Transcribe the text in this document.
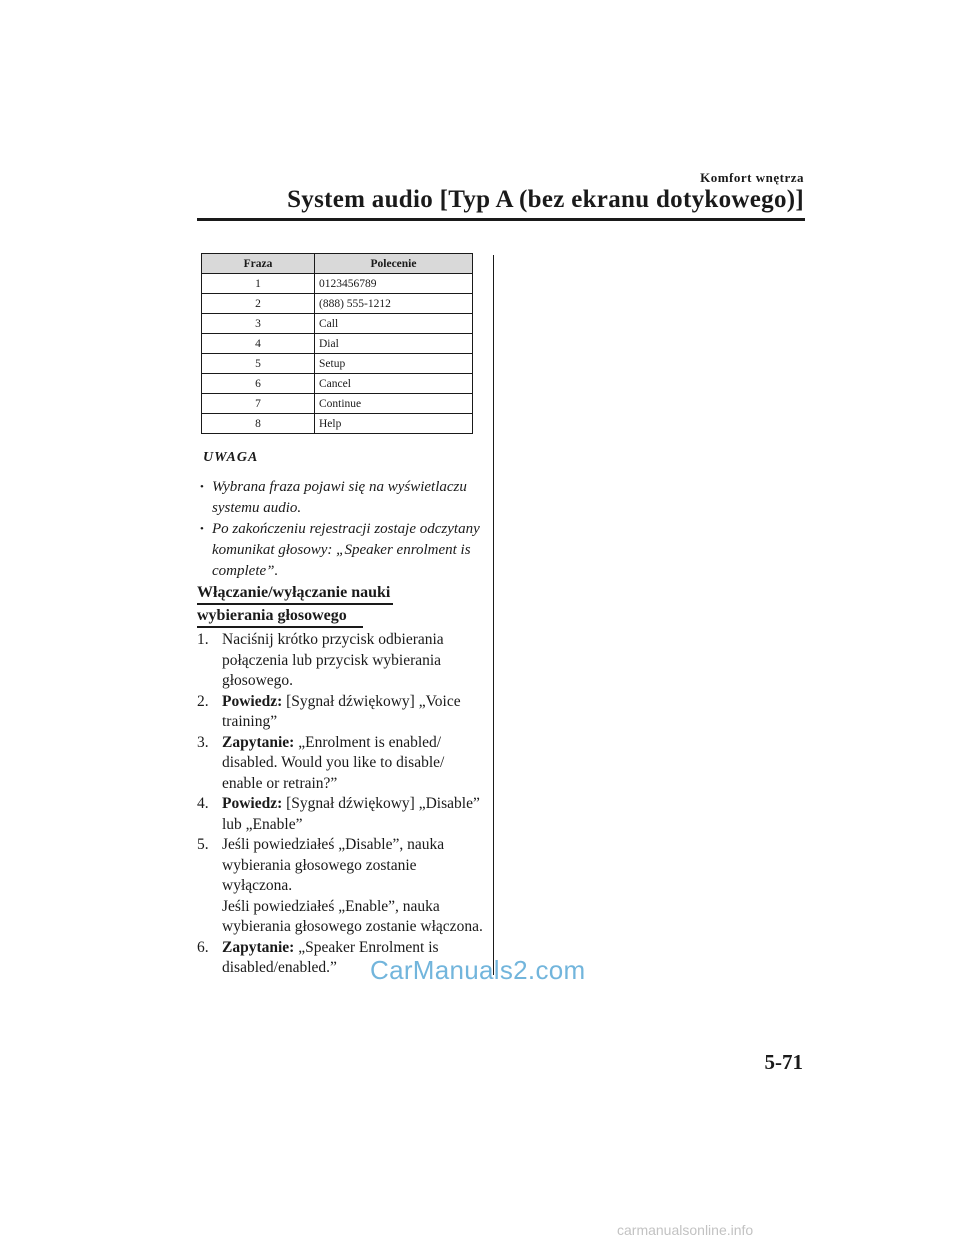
Komfort wnętrza
System audio [Typ A (bez ekranu dotykowego)]
Fraza	Polecenie
1	0123456789
2	(888) 555-1212
3	Call
4	Dial
5	Setup
6	Cancel
7	Continue
8	Help
UWAGA
• Wybrana fraza pojawi się na wyświetlaczu systemu audio.
• Po zakończeniu rejestracji zostaje odczytany komunikat głosowy: „Speaker enrolment is complete”.
Włączanie/wyłączanie nauki
wybierania głosowego
1. Naciśnij krótko przycisk odbierania połączenia lub przycisk wybierania głosowego.
2. Powiedz: [Sygnał dźwiękowy] „Voice training”
3. Zapytanie: „Enrolment is enabled/ disabled. Would you like to disable/ enable or retrain?”
4. Powiedz: [Sygnał dźwiękowy] „Disable” lub „Enable”
5. Jeśli powiedziałeś „Disable”, nauka wybierania głosowego zostanie wyłączona.
Jeśli powiedziałeś „Enable”, nauka wybierania głosowego zostanie włączona.
6. Zapytanie: „Speaker Enrolment is disabled/enabled.”	CarManuals2.com
5-71
carmanualsonline.info
